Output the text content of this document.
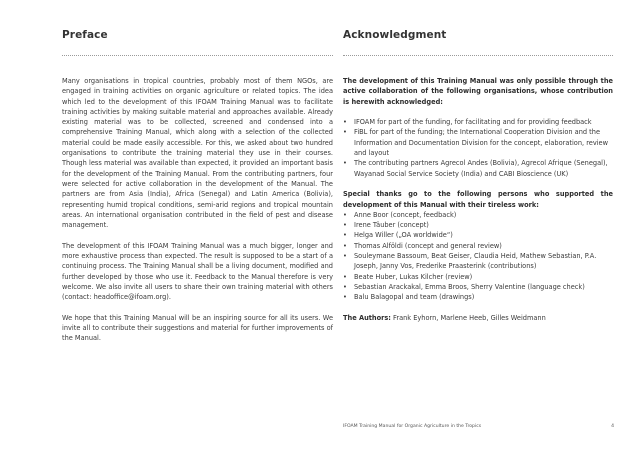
Preface

Many organisations in tropical countries, probably most of them NGOs, are engaged in training activities on organic agriculture or related topics. The idea which led to the development of this IFOAM Training Manual was to facilitate training activities by making suitable material and approaches available. Already existing material was to be collected, screened and condensed into a comprehensive Training Manual, which along with a selection of the collected material could be made easily accessible. For this, we asked about two hundred organisations to contribute the training material they use in their courses. Though less material was available than expected, it provided an important basis for the development of the Training Manual. From the contributing partners, four were selected for active collaboration in the development of the Manual. The partners are from Asia (India), Africa (Senegal) and Latin America (Bolivia), representing humid tropical conditions, semi-arid regions and tropical mountain areas. An international organisation contributed in the field of pest and disease management.

The development of this IFOAM Training Manual was a much bigger, longer and more exhaustive process than expected. The result is supposed to be a start of a continuing process. The Training Manual shall be a living document, modified and further developed by those who use it. Feedback to the Manual therefore is very welcome. We also invite all users to share their own training material with others (contact: headoffice@ifoam.org).

We hope that this Training Manual will be an inspiring source for all its users. We invite all to contribute their suggestions and material for further improvements of the Manual.

Acknowledgment

The development of this Training Manual was only possible through the active collaboration of the following organisations, whose contribution is herewith acknowledged:

• IFOAM for part of the funding, for facilitating and for providing feedback
• FiBL for part of the funding; the International Cooperation Division and the Information and Documentation Division for the concept, elaboration, review and layout
• The contributing partners Agrecol Andes (Bolivia), Agrecol Afrique (Senegal), Wayanad Social Service Society (India) and CABI Bioscience (UK)

Special thanks go to the following persons who supported the development of this Manual with their tireless work:

• Anne Boor (concept, feedback)
• Irene Täuber (concept)
• Helga Willer („OA worldwide“)
• Thomas Alföldi (concept and general review)
• Souleymane Bassoum, Beat Geiser, Claudia Heid, Mathew Sebastian, P.A. Joseph, Janny Vos, Frederike Praasterink (contributions)
• Beate Huber, Lukas Kilcher (review)
• Sebastian Arackakal, Emma Broos, Sherry Valentine (language check)
• Balu Balagopal and team (drawings)

The Authors: Frank Eyhorn, Marlene Heeb, Gilles Weidmann

IFOAM Training Manual for Organic Agriculture in the Tropics	4
